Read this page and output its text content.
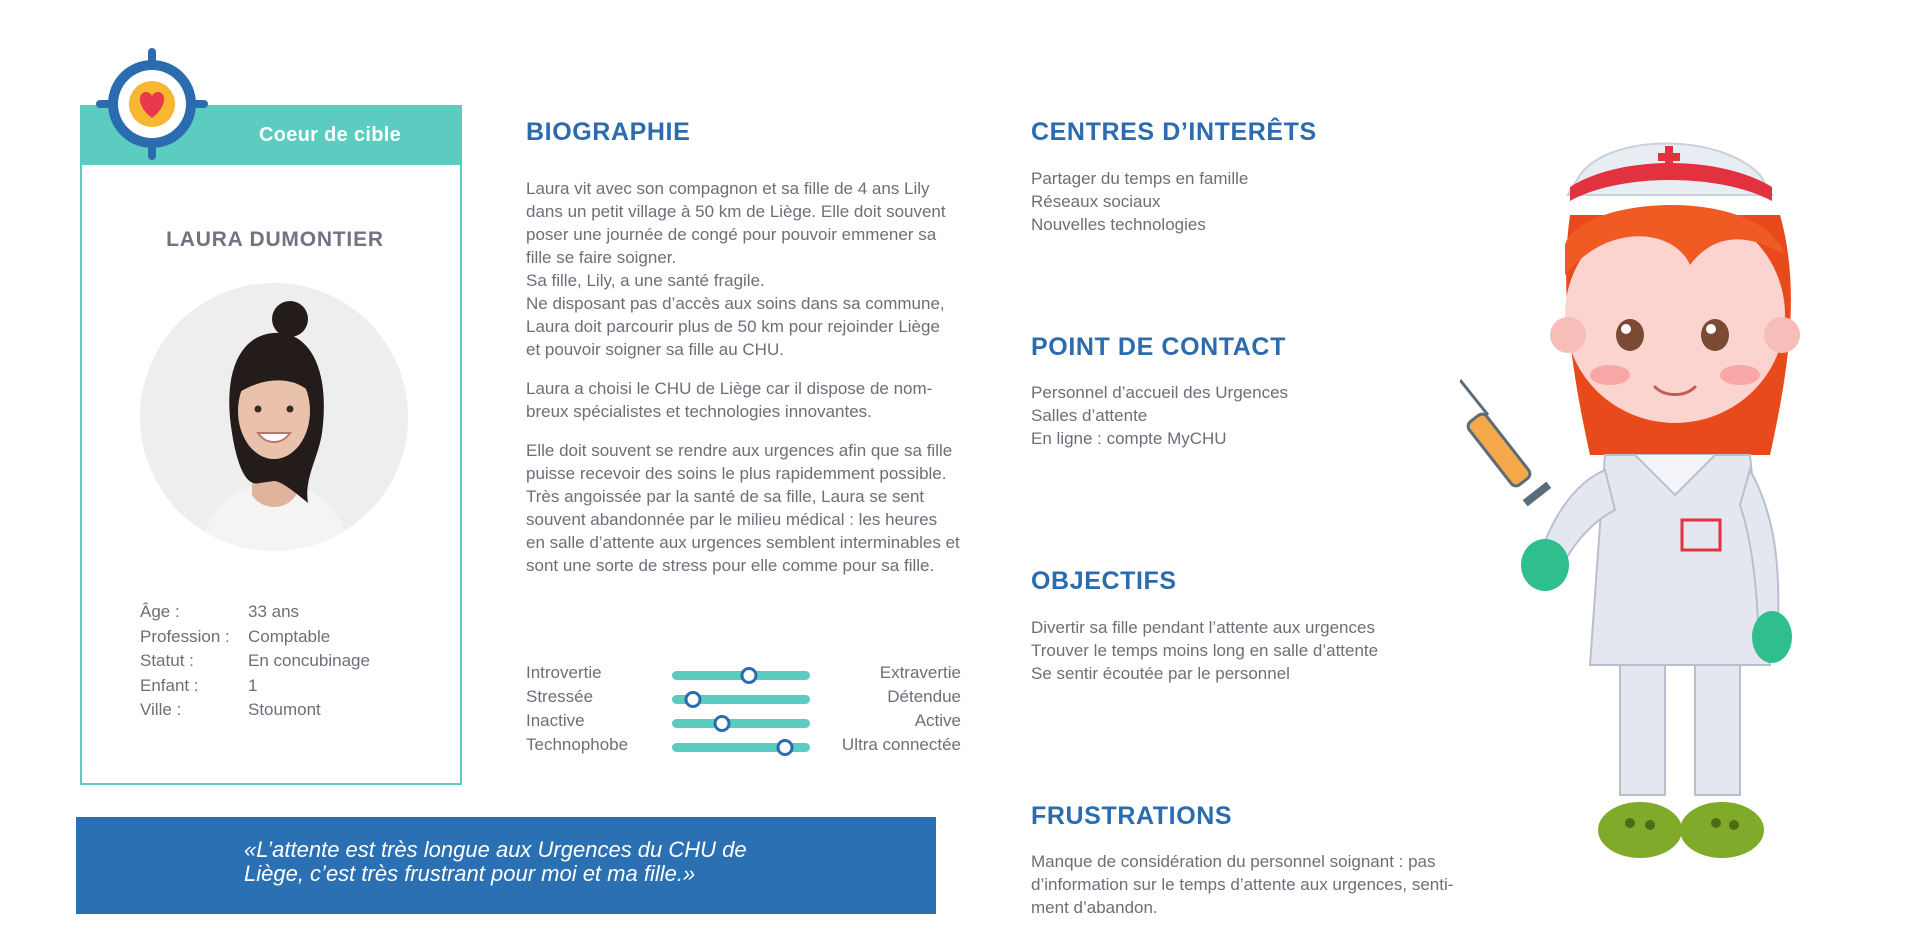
Coeur de cible
LAURA DUMONTIER
Âge :	33 ans
Profession :	Comptable
Statut :	En concubinage
Enfant :	1
Ville :	Stoumont
«L’attente est très longue aux Urgences du CHU de
Liège, c’est très frustrant pour moi et ma fille.»
BIOGRAPHIE
Laura vit avec son compagnon et sa fille de 4 ans Lily
dans un petit village à 50 km de Liège. Elle doit souvent
poser une journée de congé pour pouvoir emmener sa
fille se faire soigner.
Sa fille, Lily, a une santé fragile.
Ne disposant pas d’accès aux soins dans sa commune,
Laura doit parcourir plus de 50 km pour rejoinder Liège
et pouvoir soigner sa fille au CHU.
Laura a choisi le CHU de Liège car il dispose de nom-
breux spécialistes et technologies innovantes.
Elle doit souvent se rendre aux urgences afin que sa fille
puisse recevoir des soins le plus rapidemment possible.
Très angoissée par la santé de sa fille, Laura se sent
souvent abandonnée par le milieu médical : les heures
en salle d’attente aux urgences semblent interminables et
sont une sorte de stress pour elle comme pour sa fille.
Introvertie	Extravertie
Stressée	Détendue
Inactive	Active
Technophobe	Ultra connectée
CENTRES D’INTERÊTS
Partager du temps en famille
Réseaux sociaux
Nouvelles technologies
POINT DE CONTACT
Personnel d’accueil des Urgences
Salles d’attente
En ligne : compte MyCHU
OBJECTIFS
Divertir sa fille pendant l’attente aux urgences
Trouver le temps moins long en salle d’attente
Se sentir écoutée par le personnel
FRUSTRATIONS
Manque de considération du personnel soignant : pas
d’information sur le temps d’attente aux urgences, senti-
ment d’abandon.
